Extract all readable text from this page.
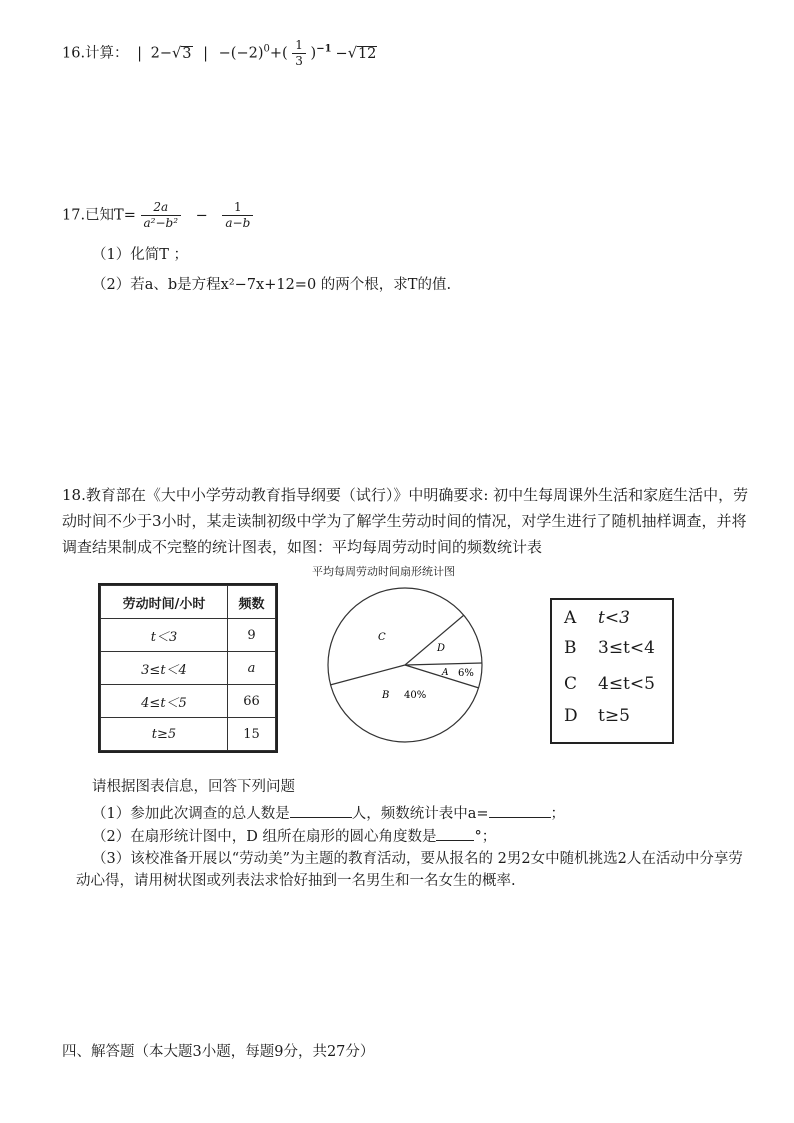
16.计算： | 2−√3 | $-(-2)^0+( \frac{1}{3} )^{-1} -√12$
17.已知$T= \frac{2a}{\text{a²−b²}} - \frac{1}{a-b}$
（1）化简T ；
（2）若a、b是方程x²−7x+12=0 的两个根，求T的值.
18.教育部在《大中小学劳动教育指导纲要（试行）》中明确要求: 初中生每周课外生活和家庭生活中，劳动时间不少于3小时，某走读制初级中学为了解学生劳动时间的情况，对学生进行了随机抽样调查，并将调查结果制成不完整的统计图表，如图：平均每周劳动时间的频数统计表
平均每周劳动时间扇形统计图
劳动时间/小时	频数
t＜3	9
3≤t＜4	a
4≤t＜5	66
t≥5	15
C
D
A 6%
B 40%
A t<3
B 3≤t<4
C 4≤t<5
D t≥5
请根据图表信息，回答下列问题
（1）参加此次调查的总人数是	人，频数统计表中a=	；
（2）在扇形统计图中，D 组所在扇形的圆心角度数是	°；
（3）该校准备开展以“劳动美”为主题的教育活动，要从报名的 2男2女中随机挑选2人在活动中分享劳动心得，请用树状图或列表法求恰好抽到一名男生和一名女生的概率.
四、解答题（本大题3小题，每题9分，共27分）
